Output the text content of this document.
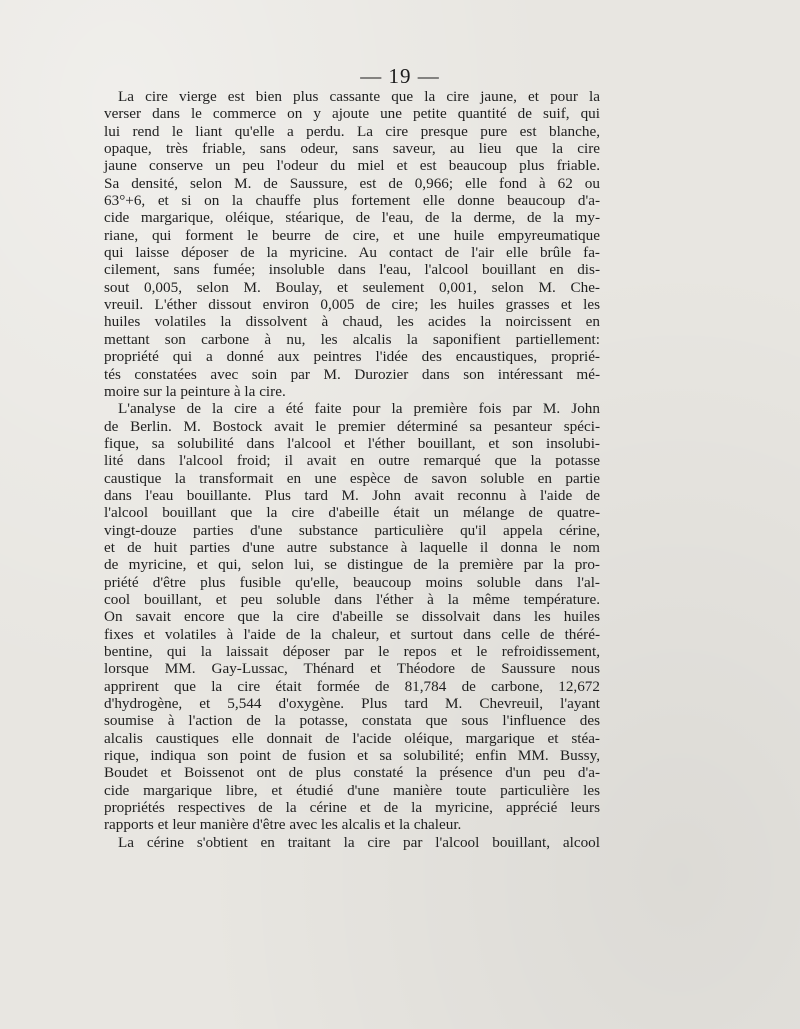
— 19 —
La cire vierge est bien plus cassante que la cire jaune, et pour la
verser dans le commerce on y ajoute une petite quantité de suif, qui
lui rend le liant qu'elle a perdu. La cire presque pure est blanche,
opaque, très friable, sans odeur, sans saveur, au lieu que la cire
jaune conserve un peu l'odeur du miel et est beaucoup plus friable.
Sa densité, selon M. de Saussure, est de 0,966; elle fond à 62 ou
63°+6, et si on la chauffe plus fortement elle donne beaucoup d'a-
cide margarique, oléique, stéarique, de l'eau, de la derme, de la my-
riane, qui forment le beurre de cire, et une huile empyreumatique
qui laisse déposer de la myricine. Au contact de l'air elle brûle fa-
cilement, sans fumée; insoluble dans l'eau, l'alcool bouillant en dis-
sout 0,005, selon M. Boulay, et seulement 0,001, selon M. Che-
vreuil. L'éther dissout environ 0,005 de cire; les huiles grasses et les
huiles volatiles la dissolvent à chaud, les acides la noircissent en
mettant son carbone à nu, les alcalis la saponifient partiellement:
propriété qui a donné aux peintres l'idée des encaustiques, proprié-
tés constatées avec soin par M. Durozier dans son intéressant mé-
moire sur la peinture à la cire.
L'analyse de la cire a été faite pour la première fois par M. John
de Berlin. M. Bostock avait le premier déterminé sa pesanteur spéci-
fique, sa solubilité dans l'alcool et l'éther bouillant, et son insolubi-
lité dans l'alcool froid; il avait en outre remarqué que la potasse
caustique la transformait en une espèce de savon soluble en partie
dans l'eau bouillante. Plus tard M. John avait reconnu à l'aide de
l'alcool bouillant que la cire d'abeille était un mélange de quatre-
vingt-douze parties d'une substance particulière qu'il appela cérine,
et de huit parties d'une autre substance à laquelle il donna le nom
de myricine, et qui, selon lui, se distingue de la première par la pro-
priété d'être plus fusible qu'elle, beaucoup moins soluble dans l'al-
cool bouillant, et peu soluble dans l'éther à la même température.
On savait encore que la cire d'abeille se dissolvait dans les huiles
fixes et volatiles à l'aide de la chaleur, et surtout dans celle de théré-
bentine, qui la laissait déposer par le repos et le refroidissement,
lorsque MM. Gay-Lussac, Thénard et Théodore de Saussure nous
apprirent que la cire était formée de 81,784 de carbone, 12,672
d'hydrogène, et 5,544 d'oxygène. Plus tard M. Chevreuil, l'ayant
soumise à l'action de la potasse, constata que sous l'influence des
alcalis caustiques elle donnait de l'acide oléique, margarique et stéa-
rique, indiqua son point de fusion et sa solubilité; enfin MM. Bussy,
Boudet et Boissenot ont de plus constaté la présence d'un peu d'a-
cide margarique libre, et étudié d'une manière toute particulière les
propriétés respectives de la cérine et de la myricine, apprécié leurs
rapports et leur manière d'être avec les alcalis et la chaleur.
La cérine s'obtient en traitant la cire par l'alcool bouillant, alcool
